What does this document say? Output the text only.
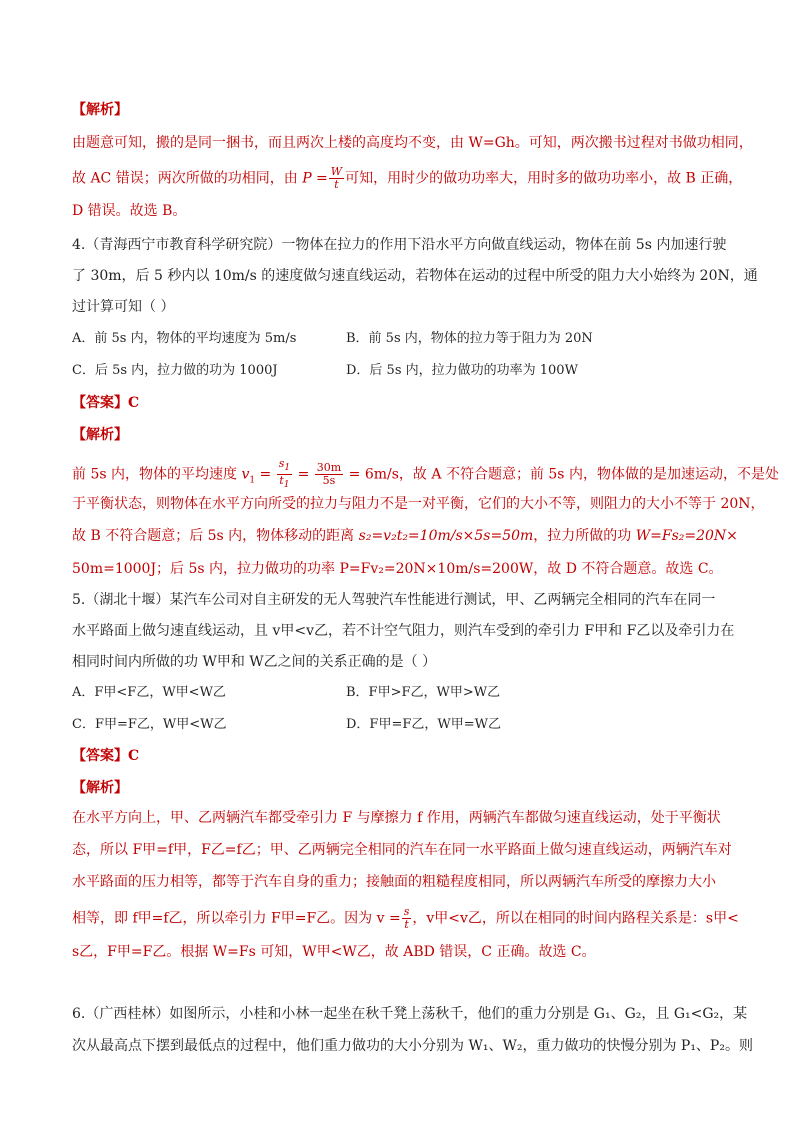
【解析】
由题意可知，搬的是同一捆书，而且两次上楼的高度均不变，由 W=Gh。可知，两次搬书过程对书做功相同，
故 AC 错误；两次所做的功相同，由 $P = \frac{W}{t}$ 可知，用时少的做功功率大，用时多的做功功率小，故 B 正确，
D 错误。故选 B。
4.（青海西宁市教育科学研究院）一物体在拉力的作用下沿水平方向做直线运动，物体在前 5s 内加速行驶
了 30m，后 5 秒内以 10m/s 的速度做匀速直线运动，若物体在运动的过程中所受的阻力大小始终为 20N，通
过计算可知（ ）
A．前 5s 内，物体的平均速度为 5m/s	B．前 5s 内，物体的拉力等于阻力为 20N
C．后 5s 内，拉力做的功为 1000J	D．后 5s 内，拉力做功的功率为 100W
【答案】C
【解析】
前 5s 内，物体的平均速度 $v_1 = \frac{s_1}{t_1} = \frac{30m}{5s} = 6m/s$，故 A 不符合题意；前 5s 内，物体做的是加速运动，不是处
于平衡状态，则物体在水平方向所受的拉力与阻力不是一对平衡，它们的大小不等，则阻力的大小不等于 20N，
故 B 不符合题意；后 5s 内，物体移动的距离 s₂=v₂t₂=10m/s×5s=50m，拉力所做的功 W=Fs₂=20N×
50m=1000J；后 5s 内，拉力做功的功率 P=Fv₂=20N×10m/s=200W，故 D 不符合题意。故选 C。
5.（湖北十堰）某汽车公司对自主研发的无人驾驶汽车性能进行测试，甲、乙两辆完全相同的汽车在同一
水平路面上做匀速直线运动，且 v甲<v乙，若不计空气阻力，则汽车受到的牵引力 F甲和 F乙以及牵引力在
相同时间内所做的功 W甲和 W乙之间的关系正确的是（ ）
A．F甲<F乙，W甲<W乙	B．F甲>F乙，W甲>W乙
C．F甲=F乙，W甲<W乙	D．F甲=F乙，W甲=W乙
【答案】C
【解析】
在水平方向上，甲、乙两辆汽车都受牵引力 F 与摩擦力 f 作用，两辆汽车都做匀速直线运动，处于平衡状
态，所以 F甲=f甲，F乙=f乙；甲、乙两辆完全相同的汽车在同一水平路面上做匀速直线运动，两辆汽车对
水平路面的压力相等，都等于汽车自身的重力；接触面的粗糙程度相同，所以两辆汽车所受的摩擦力大小
相等，即 f甲=f乙，所以牵引力 F甲=F乙。因为 $v = \frac{s}{t}$ ，v甲<v乙，所以在相同的时间内路程关系是：s甲<
s乙，F甲=F乙。根据 W=Fs 可知，W甲<W乙，故 ABD 错误，C 正确。故选 C。
6.（广西桂林）如图所示，小桂和小林一起坐在秋千凳上荡秋千，他们的重力分别是 G₁、G₂，且 G₁<G₂，某
次从最高点下摆到最低点的过程中，他们重力做功的大小分别为 W₁、W₂，重力做功的快慢分别为 P₁、P₂。则
